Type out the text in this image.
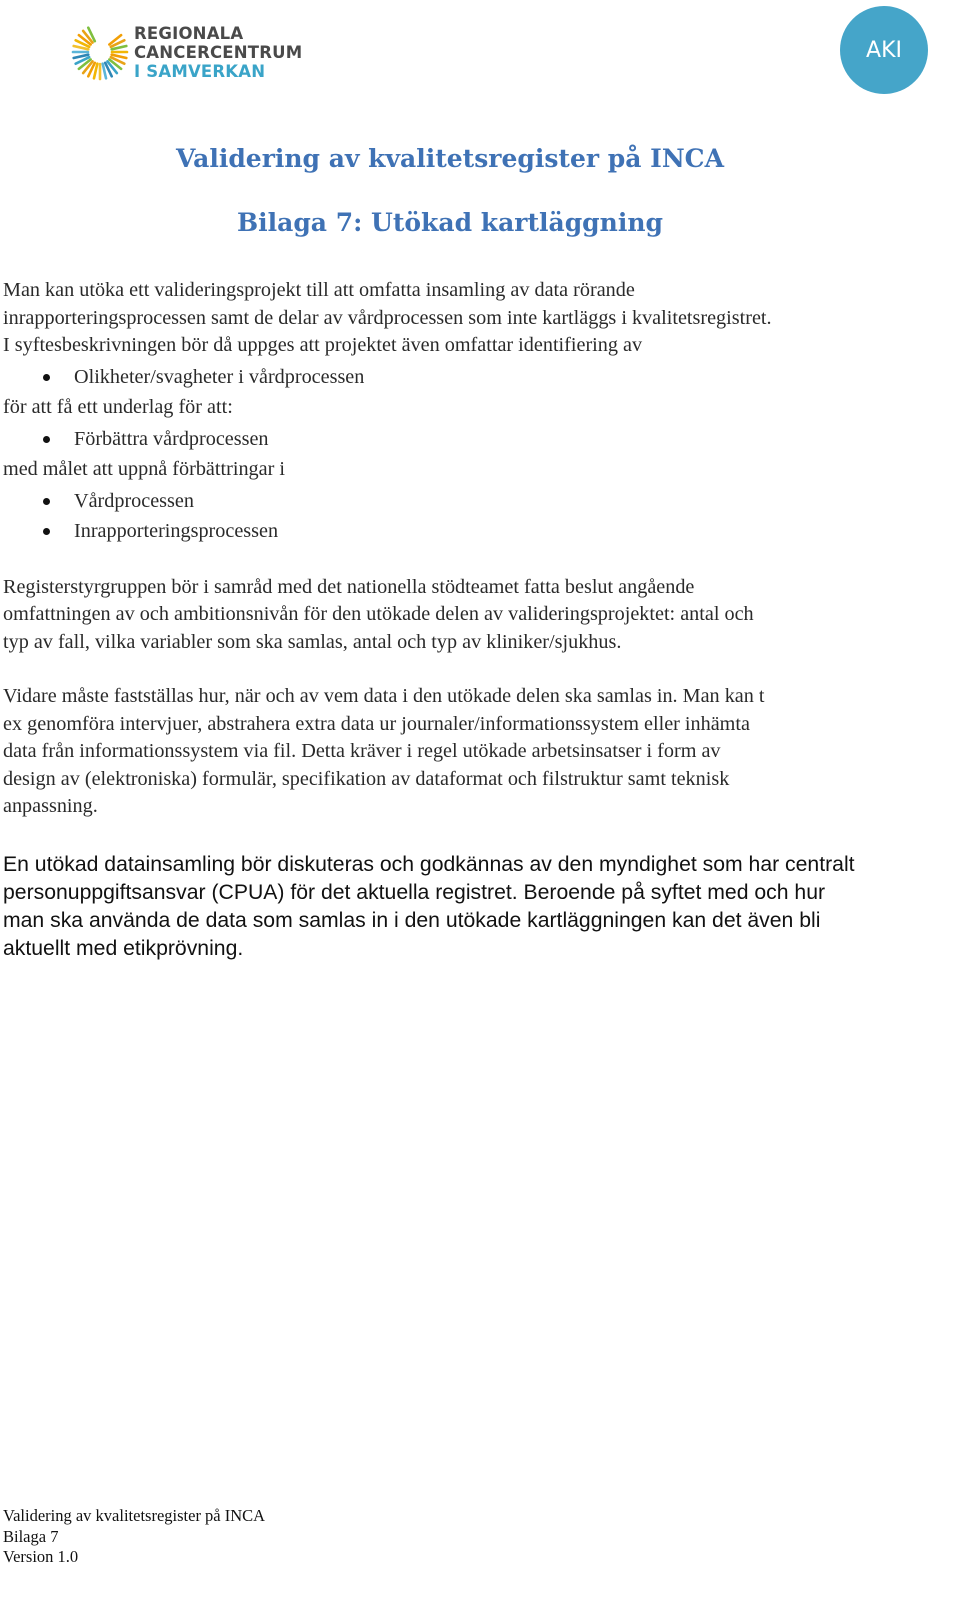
REGIONALA
CANCERCENTRUM
I SAMVERKAN
AKI
Validering av kvalitetsregister på INCA
Bilaga 7: Utökad kartläggning

Man kan utöka ett valideringsprojekt till att omfatta insamling av data rörande

inrapporteringsprocessen samt de delar av vårdprocessen som inte kartläggs i kvalitetsregistret.

I syftesbeskrivningen bör då uppges att projektet även omfattar identifiering av

Olikheter/svagheter i vårdprocessen

för att få ett underlag för att:

Förbättra vårdprocessen

med målet att uppnå förbättringar i

Vårdprocessen
Inrapporteringsprocessen

Registerstyrgruppen bör i samråd med det nationella stödteamet fatta beslut angående

omfattningen av och ambitionsnivån för den utökade delen av valideringsprojektet: antal och

typ av fall, vilka variabler som ska samlas, antal och typ av kliniker/sjukhus.

Vidare måste fastställas hur, när och av vem data i den utökade delen ska samlas in. Man kan t

ex genomföra intervjuer, abstrahera extra data ur journaler/informationssystem eller inhämta

data från informationssystem via fil. Detta kräver i regel utökade arbetsinsatser i form av

design av (elektroniska) formulär, specifikation av dataformat och filstruktur samt teknisk

anpassning.

En utökad datainsamling bör diskuteras och godkännas av den myndighet som har centralt

personuppgiftsansvar (CPUA) för det aktuella registret. Beroende på syftet med och hur

man ska använda de data som samlas in i den utökade kartläggningen kan det även bli

aktuellt med etikprövning.

Validering av kvalitetsregister på INCA
Bilaga 7
Version 1.0
